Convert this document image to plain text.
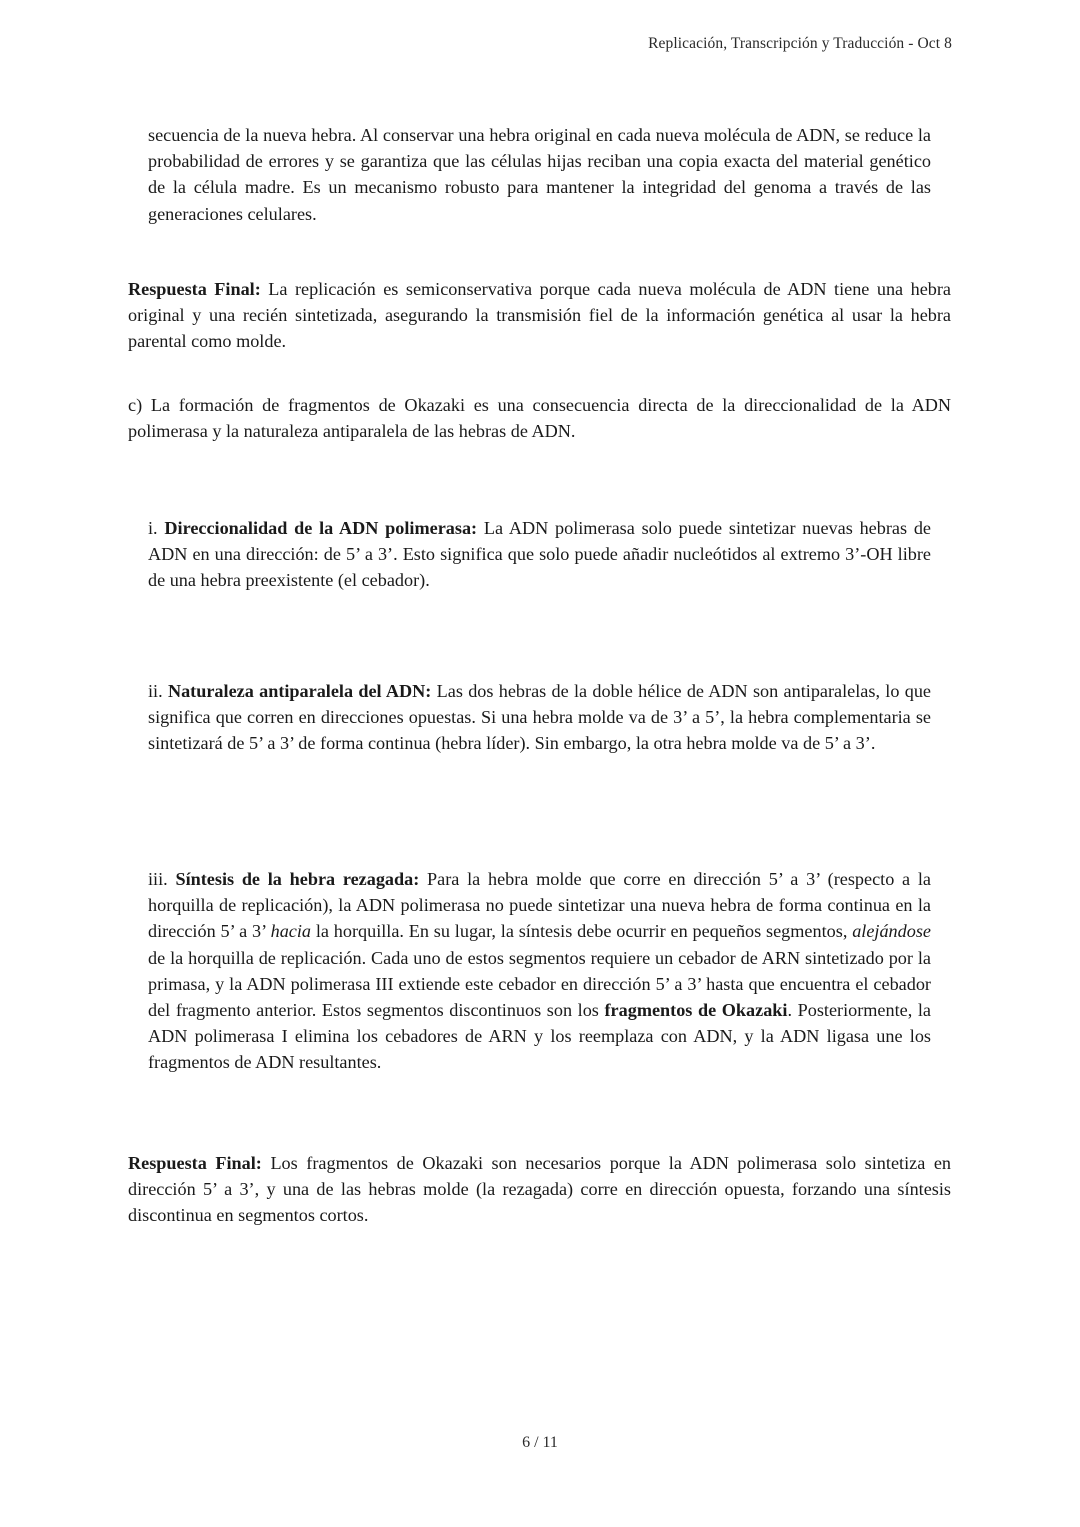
Replicación, Transcripción y Traducción - Oct 8

secuencia de la nueva hebra. Al conservar una hebra original en cada nueva molécula de ADN, se reduce la probabilidad de errores y se garantiza que las células hijas reciban una copia exacta del material genético de la célula madre. Es un mecanismo robusto para mantener la integridad del genoma a través de las generaciones celulares.

Respuesta Final: La replicación es semiconservativa porque cada nueva molécula de ADN tiene una hebra original y una recién sintetizada, asegurando la transmisión fiel de la información genética al usar la hebra parental como molde.

c) La formación de fragmentos de Okazaki es una consecuencia directa de la direccionalidad de la ADN polimerasa y la naturaleza antiparalela de las hebras de ADN.

i. Direccionalidad de la ADN polimerasa: La ADN polimerasa solo puede sintetizar nuevas hebras de ADN en una dirección: de 5’ a 3’. Esto significa que solo puede añadir nucleótidos al extremo 3’-OH libre de una hebra preexistente (el cebador).

ii. Naturaleza antiparalela del ADN: Las dos hebras de la doble hélice de ADN son antiparalelas, lo que significa que corren en direcciones opuestas. Si una hebra molde va de 3’ a 5’, la hebra complementaria se sintetizará de 5’ a 3’ de forma continua (hebra líder). Sin embargo, la otra hebra molde va de 5’ a 3’.

iii. Síntesis de la hebra rezagada: Para la hebra molde que corre en dirección 5’ a 3’ (respecto a la horquilla de replicación), la ADN polimerasa no puede sintetizar una nueva hebra de forma continua en la dirección 5’ a 3’ hacia la horquilla. En su lugar, la síntesis debe ocurrir en pequeños segmentos, alejándose de la horquilla de replicación. Cada uno de estos segmentos requiere un cebador de ARN sintetizado por la primasa, y la ADN polimerasa III extiende este cebador en dirección 5’ a 3’ hasta que encuentra el cebador del fragmento anterior. Estos segmentos discontinuos son los fragmentos de Okazaki. Posteriormente, la ADN polimerasa I elimina los cebadores de ARN y los reemplaza con ADN, y la ADN ligasa une los fragmentos de ADN resultantes.

Respuesta Final: Los fragmentos de Okazaki son necesarios porque la ADN polimerasa solo sintetiza en dirección 5’ a 3’, y una de las hebras molde (la rezagada) corre en dirección opuesta, forzando una síntesis discontinua en segmentos cortos.

6 / 11
